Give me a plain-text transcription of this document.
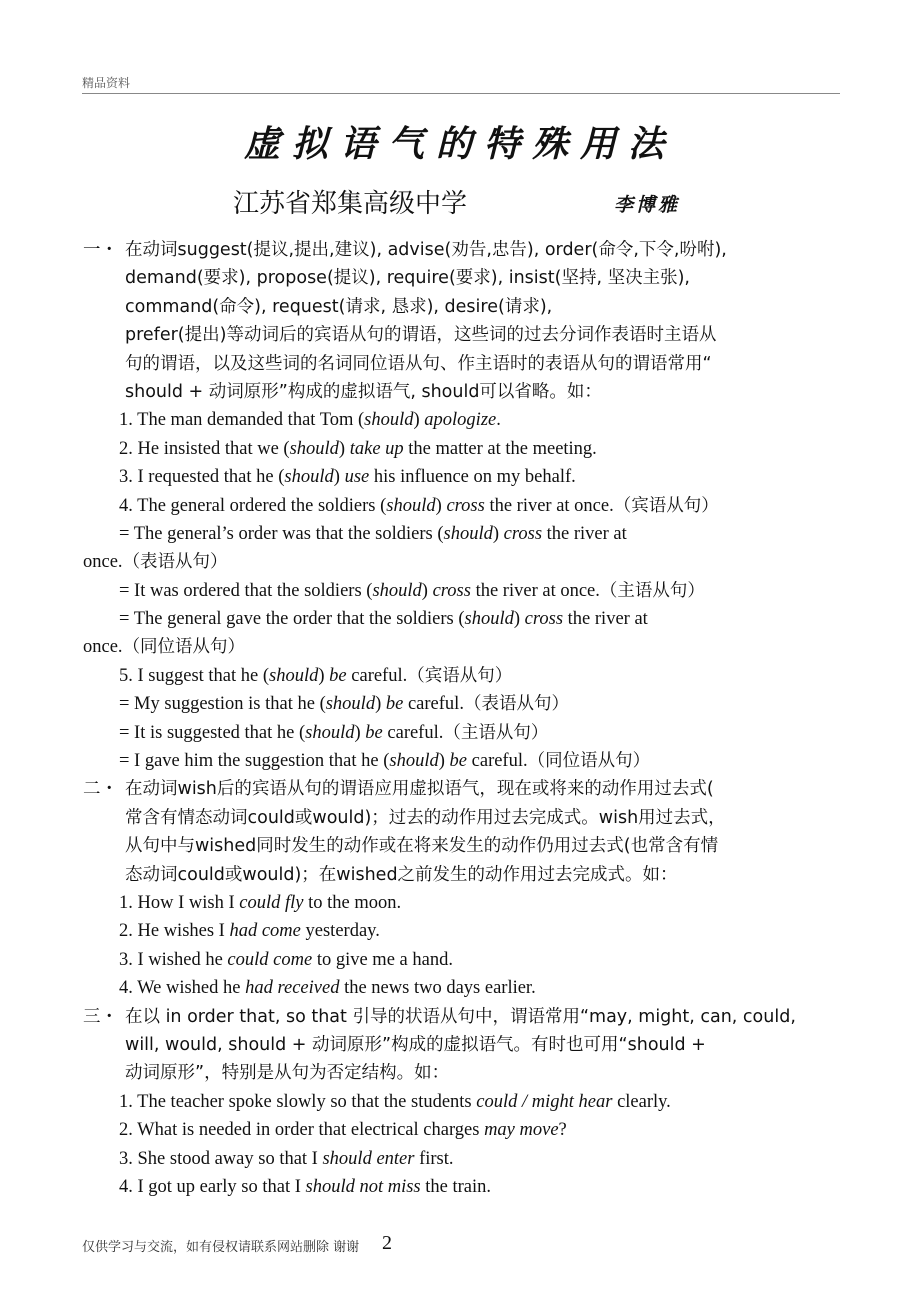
精品资料
虚拟语气的特殊用法
江苏省郑集高级中学	李博雅
一・ 在动词suggest(提议,提出,建议), advise(劝告,忠告), order(命令,下令,吩咐),
demand(要求), propose(提议), require(要求), insist(坚持, 坚决主张),
command(命令), request(请求, 恳求), desire(请求),
prefer(提出)等动词后的宾语从句的谓语，这些词的过去分词作表语时主语从
句的谓语，以及这些词的名词同位语从句、作主语时的表语从句的谓语常用“
should + 动词原形”构成的虚拟语气, should可以省略。如：
1. The man demanded that Tom (should) apologize.
2. He insisted that we (should) take up the matter at the meeting.
3. I requested that he (should) use his influence on my behalf.
4. The general ordered the soldiers (should) cross the river at once.（宾语从句）
= The general’s order was that the soldiers (should) cross the river at
once.（表语从句）
= It was ordered that the soldiers (should) cross the river at once.（主语从句）
= The general gave the order that the soldiers (should) cross the river at
once.（同位语从句）
5. I suggest that he (should) be careful.（宾语从句）
= My suggestion is that he (should) be careful.（表语从句）
= It is suggested that he (should) be careful.（主语从句）
= I gave him the suggestion that he (should) be careful.（同位语从句）
二・ 在动词wish后的宾语从句的谓语应用虚拟语气，现在或将来的动作用过去式(
常含有情态动词could或would)；过去的动作用过去完成式。wish用过去式，
从句中与wished同时发生的动作或在将来发生的动作仍用过去式(也常含有情
态动词could或would)；在wished之前发生的动作用过去完成式。如：
1. How I wish I could fly to the moon.
2. He wishes I had come yesterday.
3. I wished he could come to give me a hand.
4. We wished he had received the news two days earlier.
三・ 在以 in order that, so that 引导的状语从句中，谓语常用“may, might, can, could,
will, would, should + 动词原形”构成的虚拟语气。有时也可用“should +
动词原形”，特别是从句为否定结构。如：
1. The teacher spoke slowly so that the students could / might hear clearly.
2. What is needed in order that electrical charges may move?
3. She stood away so that I should enter first.
4. I got up early so that I should not miss the train.
仅供学习与交流，如有侵权请联系网站删除 谢谢 2
